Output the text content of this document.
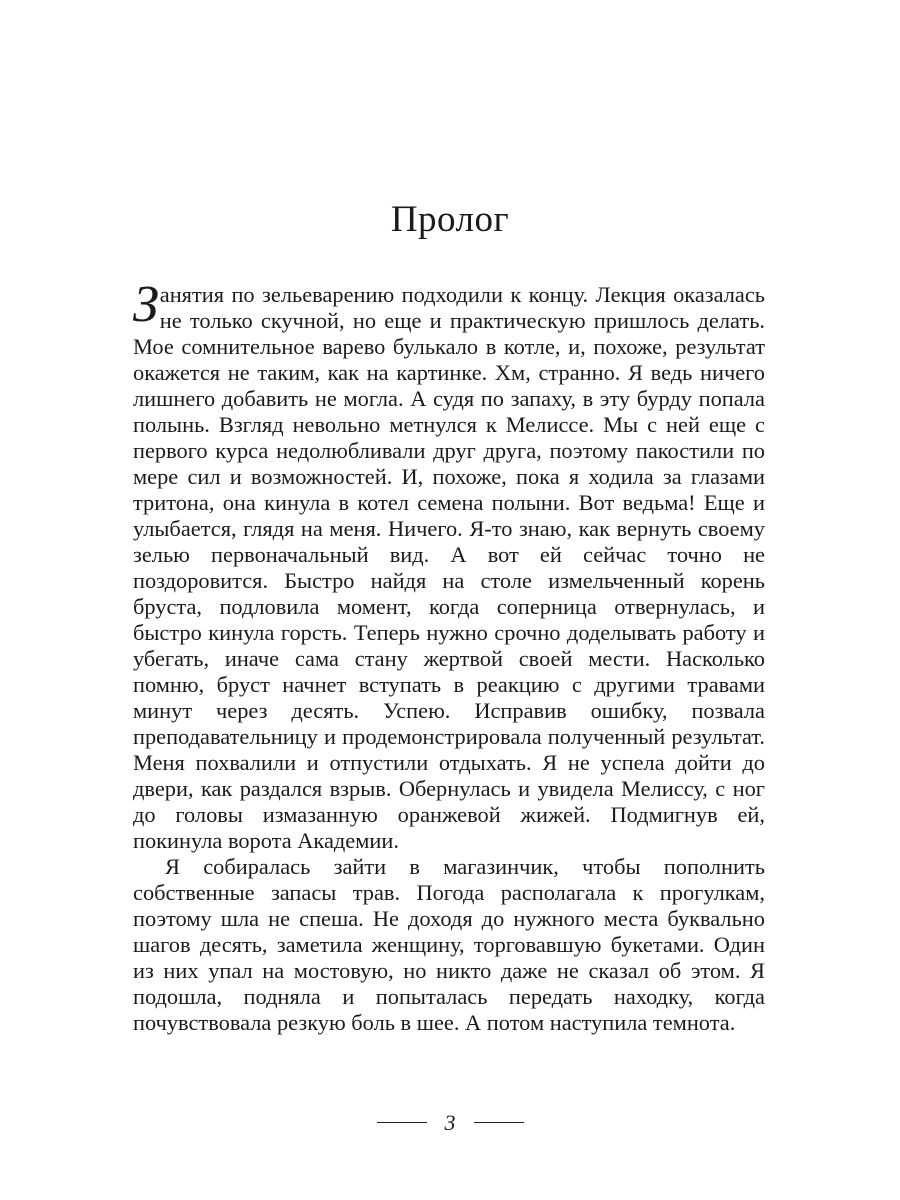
Пролог

Занятия по зельеварению подходили к концу. Лекция оказалась не только скучной, но еще и практическую пришлось делать. Мое сомнительное варево булькало в котле, и, похоже, результат окажется не таким, как на картинке. Хм, странно. Я ведь ничего лишнего добавить не могла. А судя по запаху, в эту бурду попала полынь. Взгляд невольно метнулся к Мелиссе. Мы с ней еще с первого курса недолюбливали друг друга, поэтому пакостили по мере сил и возможностей. И, похоже, пока я ходила за глазами тритона, она кинула в котел семена полыни. Вот ведьма! Еще и улыбается, глядя на меня. Ничего. Я-то знаю, как вернуть своему зелью первоначальный вид. А вот ей сейчас точно не поздоровится. Быстро найдя на столе измельченный корень бруста, подловила момент, когда соперница отвернулась, и быстро кинула горсть. Теперь нужно срочно доделывать работу и убегать, иначе сама стану жертвой своей мести. Насколько помню, бруст начнет вступать в реакцию с другими травами минут через десять. Успею. Исправив ошибку, позвала преподавательницу и продемонстрировала полученный результат. Меня похвалили и отпустили отдыхать. Я не успела дойти до двери, как раздался взрыв. Обернулась и увидела Мелиссу, с ног до головы измазанную оранжевой жижей. Подмигнув ей, покинула ворота Академии.

Я собиралась зайти в магазинчик, чтобы пополнить собственные запасы трав. Погода располагала к прогулкам, поэтому шла не спеша. Не доходя до нужного места буквально шагов десять, заметила женщину, торговавшую букетами. Один из них упал на мостовую, но никто даже не сказал об этом. Я подошла, подняла и попыталась передать находку, когда почувствовала резкую боль в шее. А потом наступила темнота.

3
